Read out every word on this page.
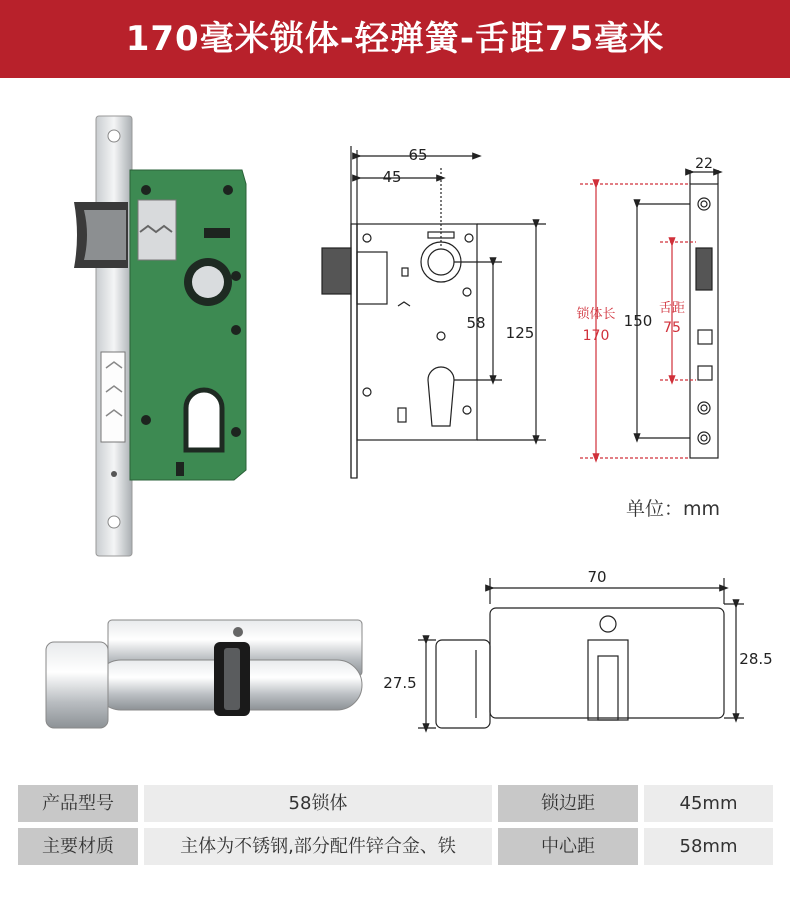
170毫米锁体-轻弹簧-舌距75毫米
65
45
58
125
22
锁体长
170
150
舌距
75
70
28.5
27.5
单位：mm
产品型号	58锁体	锁边距	45mm
主要材质	主体为不锈钢,部分配件锌合金、铁	中心距	58mm
